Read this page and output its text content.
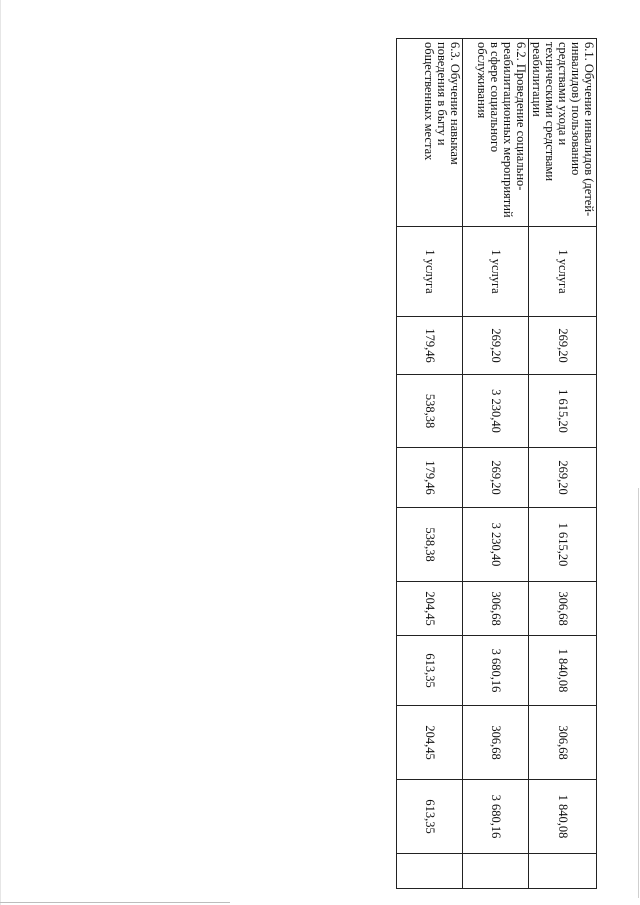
6.1. Обучение инвалидов (детей-инвалидов) пользованию средствами ухода и техническими средствами реабилитации	1 услуга	269,20	1 615,20	269,20	1 615,20	306,68	1 840,08	306,68	1 840,08	
6.2. Проведение социально-реабилитационных мероприятий в сфере социального обслуживания	1 услуга	269,20	3 230,40	269,20	3 230,40	306,68	3 680,16	306,68	3 680,16	
6.3. Обучение навыкам поведения в быту и общественных местах	1 услуга	179,46	538,38	179,46	538,38	204,45	613,35	204,45	613,35	
